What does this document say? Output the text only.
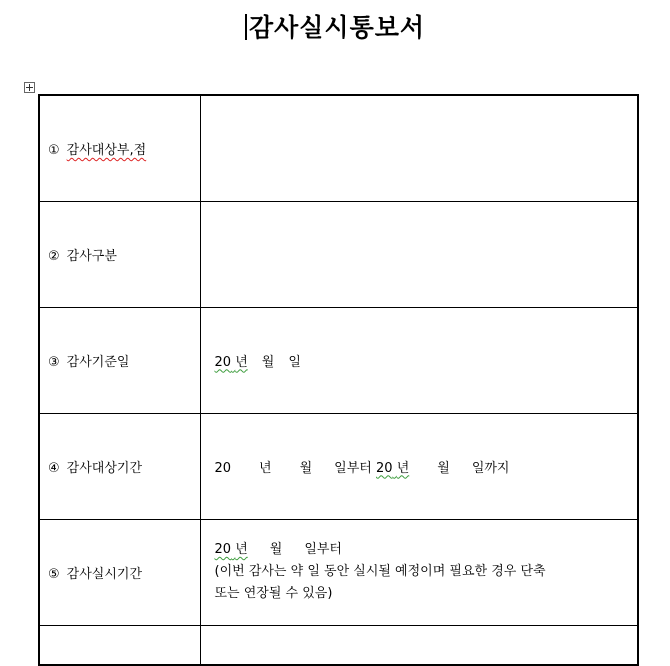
감사실시통보서
① 감사대상부,점	
② 감사구분	
③ 감사기준일	20 년 월 일
④ 감사대상기간	20 년 월 일부터 20 년 월 일까지
⑤ 감사실시기간	20 년 월 일부터
(이번 감사는 약 일 동안 실시될 예정이며 필요한 경우 단축
또는 연장될 수 있음)
